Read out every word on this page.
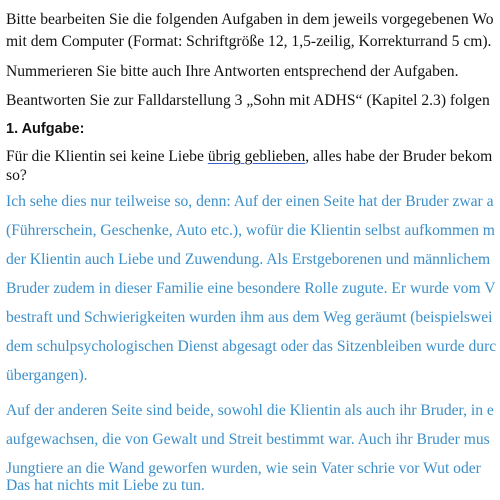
Bitte bearbeiten Sie die folgenden Aufgaben in dem jeweils vorgegebenen Wo
mit dem Computer (Format: Schriftgröße 12, 1,5-zeilig, Korrekturrand 5 cm).
Nummerieren Sie bitte auch Ihre Antworten entsprechend der Aufgaben.
Beantworten Sie zur Falldarstellung 3 „Sohn mit ADHS“ (Kapitel 2.3) folgen
1. Aufgabe:
Für die Klientin sei keine Liebe übrig geblieben, alles habe der Bruder bekom
so?
Ich sehe dies nur teilweise so, denn: Auf der einen Seite hat der Bruder zwar a
(Führerschein, Geschenke, Auto etc.), wofür die Klientin selbst aufkommen m
der Klientin auch Liebe und Zuwendung. Als Erstgeborenen und männlichem
Bruder zudem in dieser Familie eine besondere Rolle zugute. Er wurde vom V
bestraft und Schwierigkeiten wurden ihm aus dem Weg geräumt (beispielswei
dem schulpsychologischen Dienst abgesagt oder das Sitzenbleiben wurde durc
übergangen).
Auf der anderen Seite sind beide, sowohl die Klientin als auch ihr Bruder, in e
aufgewachsen, die von Gewalt und Streit bestimmt war. Auch ihr Bruder mus
Jungtiere an die Wand geworfen wurden, wie sein Vater schrie vor Wut oder
Das hat nichts mit Liebe zu tun.
